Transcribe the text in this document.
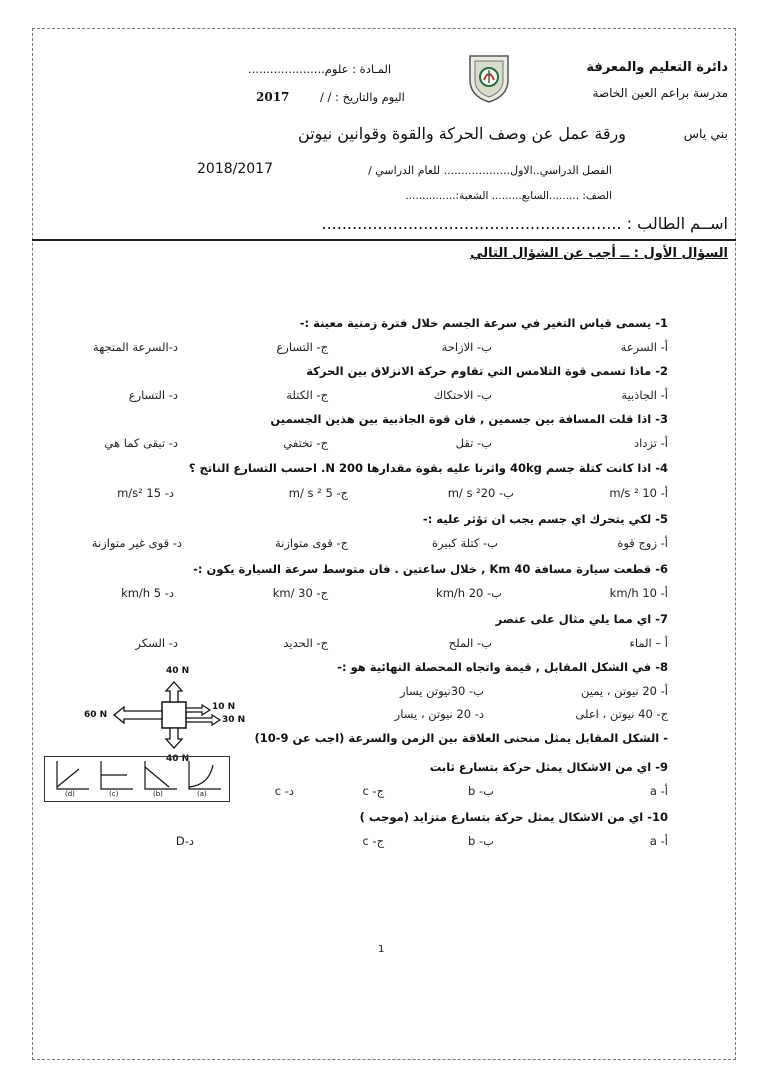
دائرة التعليم والمعرفة
مدرسة براعم العين الخاصة
بني ياس
المـادة : علوم.....................
اليوم والتاريخ : / /
2017
ورقة عمل عن وصف الحركة والقوة وقوانين نيوتن
الفصل الدراسي..الاول................... للعام الدراسي /
2018/2017
الصف: .........السابع......... الشعبة:...............
اســم الطالب : ...........................................................
السؤال الأول : ــ أجب عن الشؤال التالي
1- يسمى قياس التغير في سرعة الجسم خلال فترة زمنية معينة :-
أ- السرعة
ب- الازاحة
ج- التسارع
د-السرعة المتجهة
2- ماذا تسمى قوة التلامس التي تقاوم حركة الانزلاق بين الحركة
أ- الجاذبية
ب- الاحتكاك
ج- الكتلة
د- التسارع
3- اذا قلت المسافة بين جسمين , فان قوة الجاذبية بين هذين الجسمين
أ- تزداد
ب- تقل
ج- تختفي
د- تبقى كما هي
4- اذا كانت كتلة جسم 40kg واثرنا عليه بقوة مقدارها 200 N. احسب التسارع الناتج ؟
أ- m/s ² 10
ب- m/ s ²20
ج- m/ s ² 5
د- m/s² 15
5- لكي يتحرك اي جسم يجب ان تؤثر عليه :-
أ- زوج قوة
ب- كتلة كبيرة
ج- قوى متوازنة
د- قوى غير متوازنة
6- قطعت سيارة مسافة Km 40 , خلال ساعتين . فان متوسط سرعة السيارة يكون :-
أ- km/h 10
ب- km/h 20
ج- km/ 30
د- km/h 5
7- اي مما يلي مثال على عنصر
أ – الماء
ب- الملح
ج- الحديد
د- السكر
8- في الشكل المقابل , قيمة واتجاه المحصلة النهائية هو :-
أ- 20 نيوتن ، يمين
ب- 30نيوتن يسار
ج- 40 نيوتن ، اعلى
د- 20 نيوتن ، يسار
- الشكل المقابل يمثل منحنى العلاقة بين الزمن والسرعة (اجب عن 9-10)
9- اي من الاشكال يمثل حركة بتسارع ثابت
أ- a
ب- b
ج- c
د- c
10- اي من الاشكال يمثل حركة بتسارع متزايد (موجب )
أ- a
ب- b
ج- c
د-D
40 N
40 N
60 N
10 N
30 N
(d)	(c)	(b)	(a)
1
